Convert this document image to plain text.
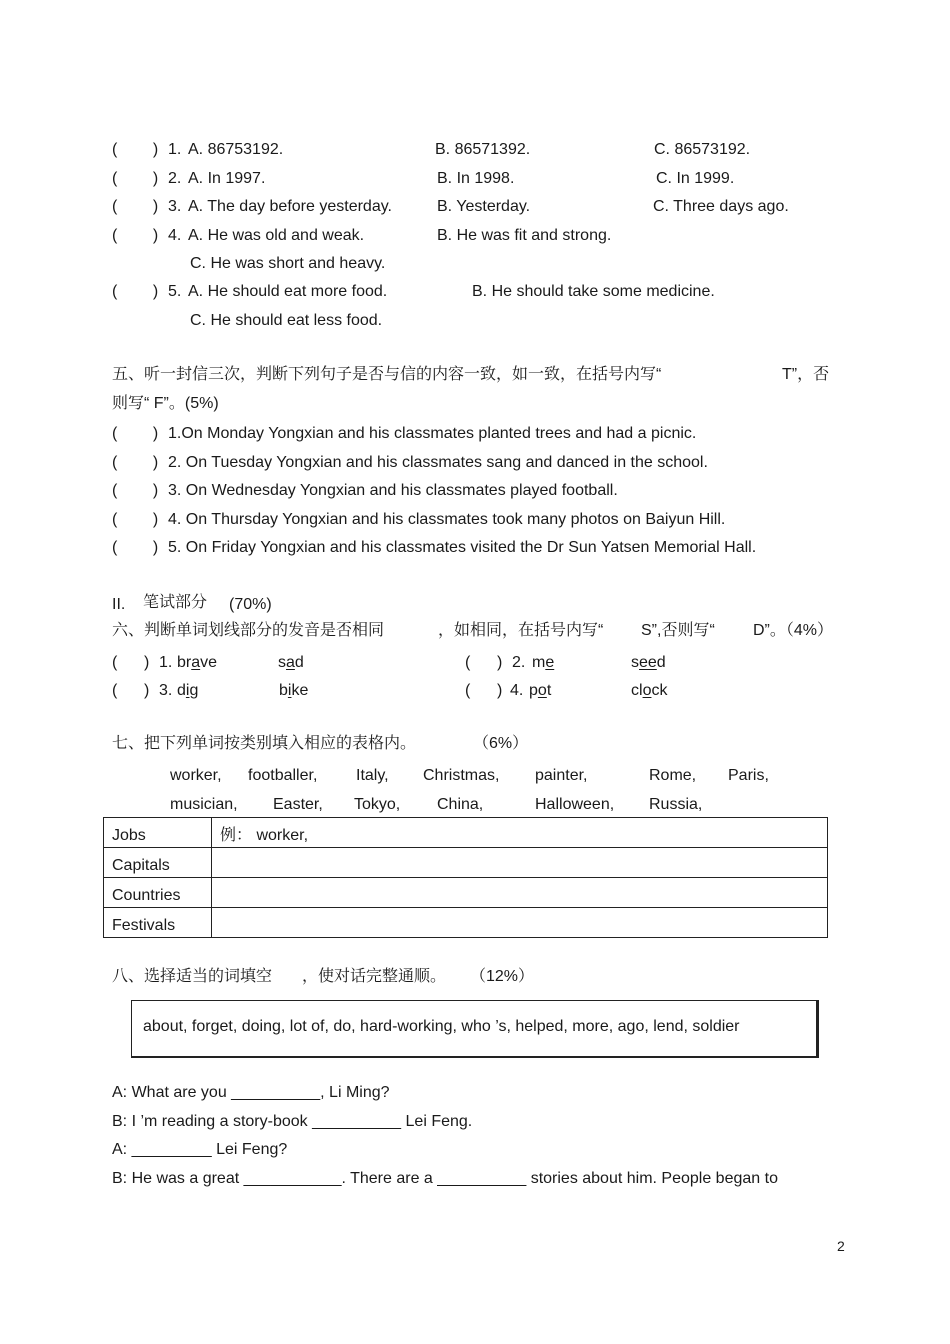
(        ) 1. A. 86753192.	B. 86571392.	C. 86573192.
(        ) 2. A. In 1997.	B. In 1998.	C. In 1999.
(        ) 3. A. The day before yesterday.	B. Yesterday.	C. Three days ago.
(        ) 4. A. He was old and weak.	B. He was fit and strong.
C. He was short and heavy.
(        ) 5. A. He should eat more food.	B. He should take some medicine.
C. He should eat less food.
五、听一封信三次，判断下列句子是否与信的内容一致，如一致，在括号内写“	T”，否
则写“ F”。(5%)
(        ) 1.On Monday Yongxian and his classmates planted trees and had a picnic.
(        ) 2. On Tuesday Yongxian and his classmates sang and danced in the school.
(        ) 3. On Wednesday Yongxian and his classmates played football.
(        ) 4. On Thursday Yongxian and his classmates took many photos on Baiyun Hill.
(        ) 5. On Friday Yongxian and his classmates visited the Dr Sun Yatsen Memorial Hall.
II. 笔试部分 (70%)
六、判断单词划线部分的发音是否相同	，如相同，在括号内写“ S”,否则写“ D”。（4%）
(      ) 1. brave	sad	(      ) 2. me	seed
(      ) 3. dig	bike	(      ) 4. pot	clock
七、把下列单词按类别填入相应的表格内。	（6%）
worker, footballer, Italy, Christmas, painter,	Rome, Paris,
musician, Easter, Tokyo, China,	Halloween, Russia,
Jobs	例： worker,
Capitals	
Countries	
Festivals	
八、选择适当的词填空 ，使对话完整通顺。 （12%）
about, forget, doing, lot of, do, hard-working, who ’s, helped, more, ago, lend, soldier
A: What are you __________, Li Ming?
B: I ’m reading a story-book __________ Lei Feng.
A: _________ Lei Feng?
B: He was a great ___________. There are a __________ stories about him. People began to
2
